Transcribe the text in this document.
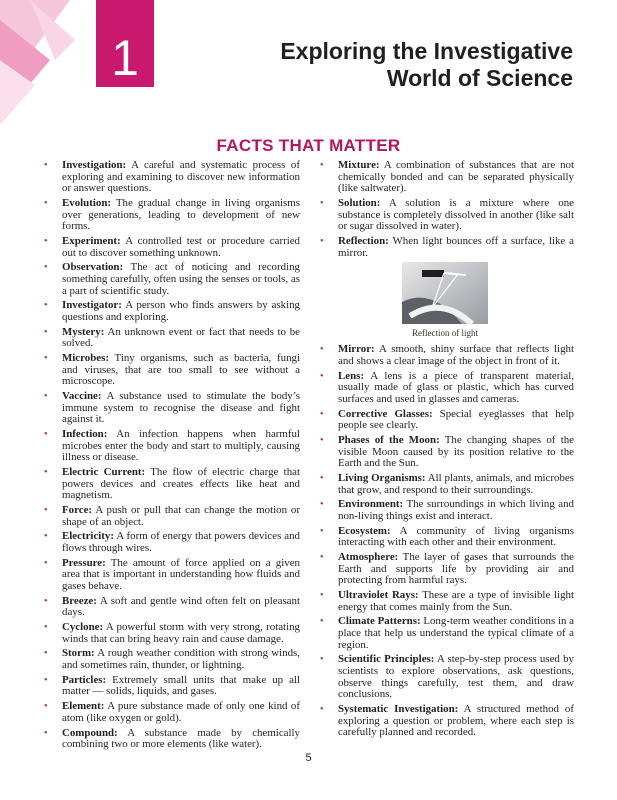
1	Exploring the Investigative
World of Science
FACTS THAT MATTER
• Investigation: A careful and systematic process of exploring and examining to discover new information or answer questions.
• Evolution: The gradual change in living organisms over generations, leading to development of new forms.
• Experiment: A controlled test or procedure carried out to discover something unknown.
• Observation: The act of noticing and recording something carefully, often using the senses or tools, as a part of scientific study.
• Investigator: A person who finds answers by asking questions and exploring.
• Mystery: An unknown event or fact that needs to be solved.
• Microbes: Tiny organisms, such as bacteria, fungi and viruses, that are too small to see without a microscope.
• Vaccine: A substance used to stimulate the body’s immune system to recognise the disease and fight against it.
• Infection: An infection happens when harmful microbes enter the body and start to multiply, causing illness or disease.
• Electric Current: The flow of electric charge that powers devices and creates effects like heat and magnetism.
• Force: A push or pull that can change the motion or shape of an object.
• Electricity: A form of energy that powers devices and flows through wires.
• Pressure: The amount of force applied on a given area that is important in understanding how fluids and gases behave.
• Breeze: A soft and gentle wind often felt on pleasant days.
• Cyclone: A powerful storm with very strong, rotating winds that can bring heavy rain and cause damage.
• Storm: A rough weather condition with strong winds, and sometimes rain, thunder, or lightning.
• Particles: Extremely small units that make up all matter — solids, liquids, and gases.
• Element: A pure substance made of only one kind of atom (like oxygen or gold).
• Compound: A substance made by chemically combining two or more elements (like water).
• Mixture: A combination of substances that are not chemically bonded and can be separated physically (like saltwater).
• Solution: A solution is a mixture where one substance is completely dissolved in another (like salt or sugar dissolved in water).
• Reflection: When light bounces off a surface, like a mirror.
Reflection of light
• Mirror: A smooth, shiny surface that reflects light and shows a clear image of the object in front of it.
• Lens: A lens is a piece of transparent material, usually made of glass or plastic, which has curved surfaces and used in glasses and cameras.
• Corrective Glasses: Special eyeglasses that help people see clearly.
• Phases of the Moon: The changing shapes of the visible Moon caused by its position relative to the Earth and the Sun.
• Living Organisms: All plants, animals, and microbes that grow, and respond to their surroundings.
• Environment: The surroundings in which living and non-living things exist and interact.
• Ecosystem: A community of living organisms interacting with each other and their environment.
• Atmosphere: The layer of gases that surrounds the Earth and supports life by providing air and protecting from harmful rays.
• Ultraviolet Rays: These are a type of invisible light energy that comes mainly from the Sun.
• Climate Patterns: Long-term weather conditions in a place that help us understand the typical climate of a region.
• Scientific Principles: A step-by-step process used by scientists to explore observations, ask questions, observe things carefully, test them, and draw conclusions.
• Systematic Investigation: A structured method of exploring a question or problem, where each step is carefully planned and recorded.
5
